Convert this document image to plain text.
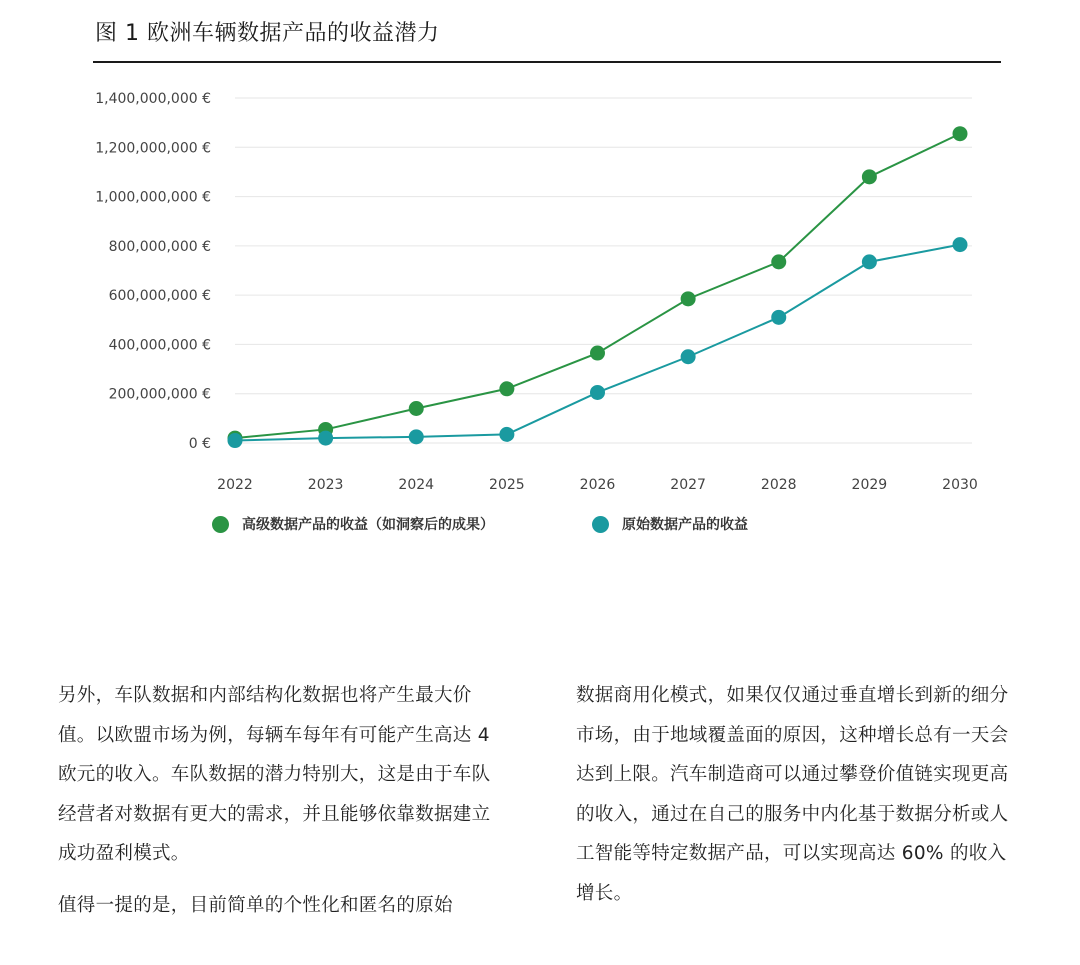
图 1 欧洲车辆数据产品的收益潜力
0 €
200,000,000 €
400,000,000 €
600,000,000 €
800,000,000 €
1,000,000,000 €
1,200,000,000 €
1,400,000,000 €
2022	2023	2024	2025	2026	2027	2028	2029	2030
高级数据产品的收益（如洞察后的成果）	原始数据产品的收益

另外，车队数据和内部结构化数据也将产生最大价值。以欧盟市场为例，每辆车每年有可能产生高达 4 欧元的收入。车队数据的潜力特别大，这是由于车队经营者对数据有更大的需求，并且能够依靠数据建立成功盈利模式。

值得一提的是，目前简单的个性化和匿名的原始

数据商用化模式，如果仅仅通过垂直增长到新的细分市场，由于地域覆盖面的原因，这种增长总有一天会达到上限。汽车制造商可以通过攀登价值链实现更高的收入，通过在自己的服务中内化基于数据分析或人工智能等特定数据产品，可以实现高达 60% 的收入增长。
